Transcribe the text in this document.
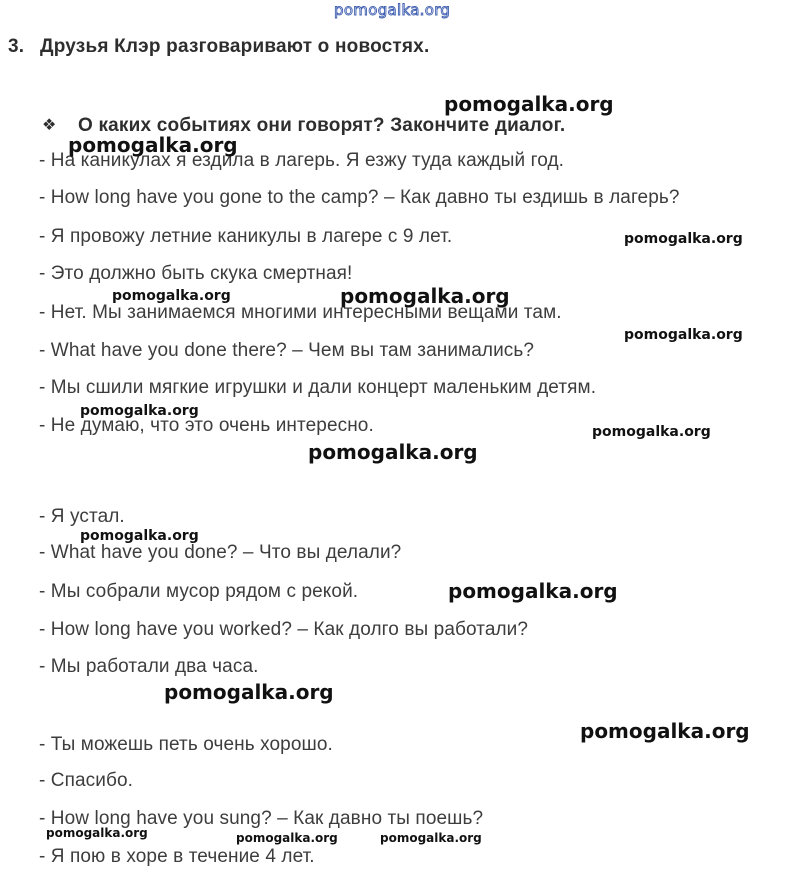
pomogalka.org
3. Друзья Клэр разговаривают о новостях.
❖ О каких событиях они говорят? Закончите диалог.
- На каникулах я ездила в лагерь. Я езжу туда каждый год.
- How long have you gone to the camp? – Как давно ты ездишь в лагерь?
- Я провожу летние каникулы в лагере с 9 лет.
- Это должно быть скука смертная!
- Нет. Мы занимаемся многими интересными вещами там.
- What have you done there? – Чем вы там занимались?
- Мы сшили мягкие игрушки и дали концерт маленьким детям.
- Не думаю, что это очень интересно.
- Я устал.
- What have you done? – Что вы делали?
- Мы собрали мусор рядом с рекой.
- How long have you worked? – Как долго вы работали?
- Мы работали два часа.
- Ты можешь петь очень хорошо.
- Спасибо.
- How long have you sung? – Как давно ты поешь?
- Я пою в хоре в течение 4 лет.
pomogalka.org
pomogalka.org
pomogalka.org
pomogalka.org	pomogalka.org
pomogalka.org
pomogalka.org
pomogalka.org
pomogalka.org
pomogalka.org
pomogalka.org
pomogalka.org
pomogalka.org
pomogalka.org	pomogalka.org	pomogalka.org
